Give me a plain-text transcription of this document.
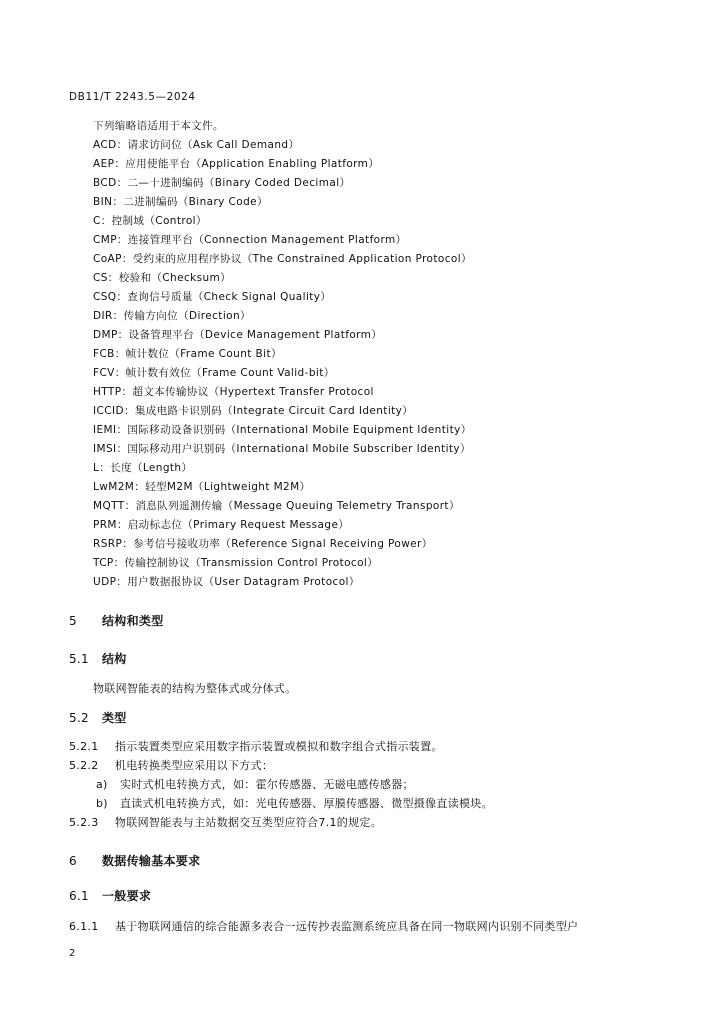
DB11/T 2243.5—2024
下列缩略语适用于本文件。
ACD：请求访问位（Ask Call Demand）
AEP：应用使能平台（Application Enabling Platform）
BCD：二—十进制编码（Binary Coded Decimal）
BIN：二进制编码（Binary Code）
C：控制域（Control）
CMP：连接管理平台（Connection Management Platform）
CoAP：受约束的应用程序协议（The Constrained Application Protocol）
CS：校验和（Checksum）
CSQ：查询信号质量（Check Signal Quality）
DIR：传输方向位（Direction）
DMP：设备管理平台（Device Management Platform）
FCB：帧计数位（Frame Count Bit）
FCV：帧计数有效位（Frame Count Valid-bit）
HTTP：超文本传输协议（Hypertext Transfer Protocol
ICCID：集成电路卡识别码（Integrate Circuit Card Identity）
IEMI：国际移动设备识别码（International Mobile Equipment Identity）
IMSI：国际移动用户识别码（International Mobile Subscriber Identity）
L：长度（Length）
LwM2M：轻型M2M（Lightweight M2M）
MQTT：消息队列遥测传输（Message Queuing Telemetry Transport）
PRM：启动标志位（Primary Request Message）
RSRP：参考信号接收功率（Reference Signal Receiving Power）
TCP：传输控制协议（Transmission Control Protocol）
UDP：用户数据报协议（User Datagram Protocol）
5 结构和类型
5.1 结构
物联网智能表的结构为整体式或分体式。
5.2 类型
5.2.1 指示装置类型应采用数字指示装置或模拟和数字组合式指示装置。
5.2.2 机电转换类型应采用以下方式：
a) 实时式机电转换方式，如：霍尔传感器、无磁电感传感器；
b) 直读式机电转换方式，如：光电传感器、厚膜传感器、微型摄像直读模块。
5.2.3 物联网智能表与主站数据交互类型应符合7.1的规定。
6 数据传输基本要求
6.1 一般要求
6.1.1 基于物联网通信的综合能源多表合一远传抄表监测系统应具备在同一物联网内识别不同类型户
2
